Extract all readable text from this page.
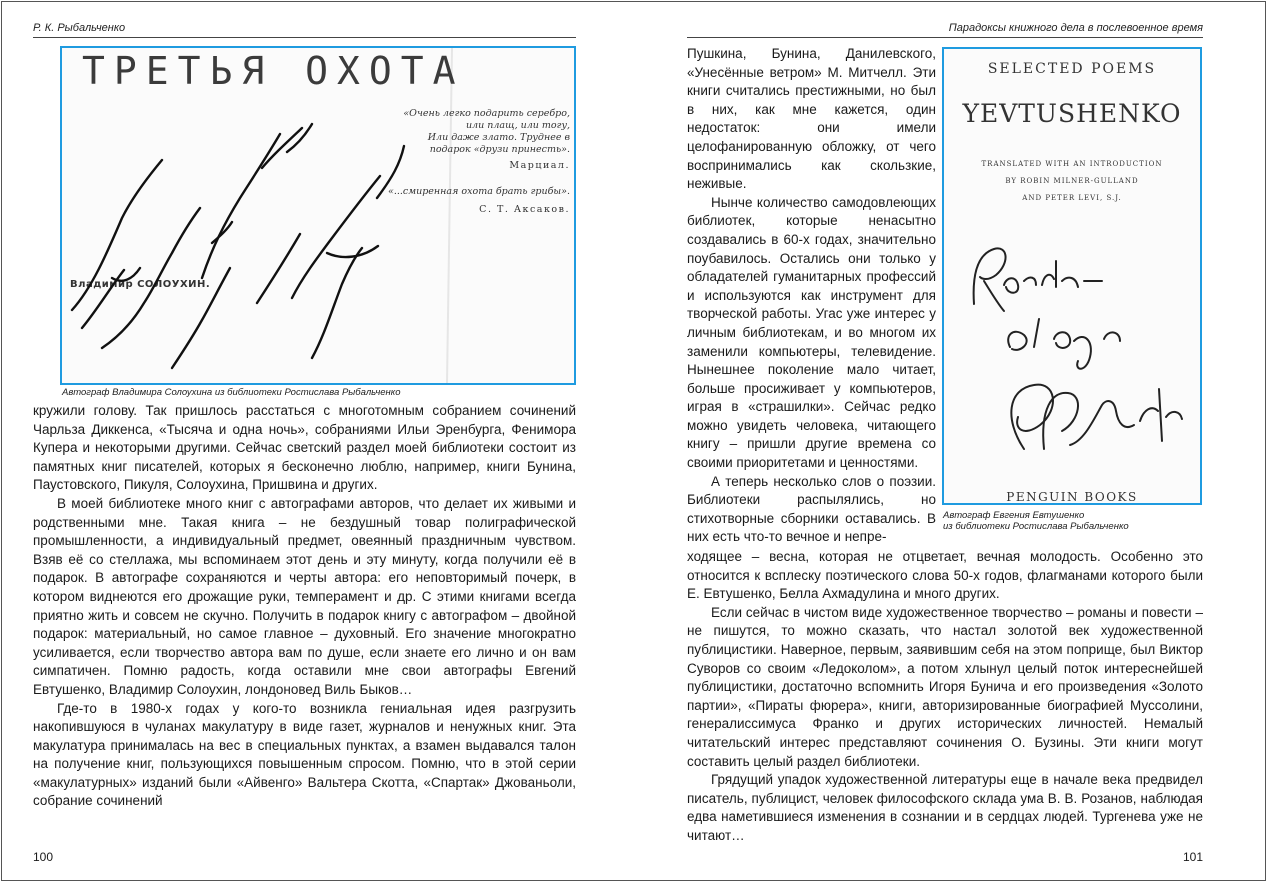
Р. К. Рыбальченко
ТРЕТЬЯ ОХОТА
«Очень легко подарить серебро,
или плащ, или тогу,
Или даже злато. Труднее в
подарок «друзи принесть».
Марциал.
«...смиренная охота брать грибы».
С. Т. Аксаков.
Владимир СОЛОУХИН.
Автограф Владимира Солоухина из библиотеки Ростислава Рыбальченко

кружили голову. Так пришлось расстаться с многотомным собранием сочинений Чарльза Диккенса, «Тысяча и одна ночь», собраниями Ильи Эренбурга, Фенимора Купера и некоторыми другими. Сейчас светский раздел моей библиотеки состоит из памятных книг писателей, которых я бесконечно люблю, например, книги Бунина, Паустовского, Пикуля, Солоухина, Пришвина и других.

В моей библиотеке много книг с автографами авторов, что делает их живыми и родственными мне. Такая книга – не бездушный товар полиграфической промышленности, а индивидуальный предмет, овеянный праздничным чувством. Взяв её со стеллажа, мы вспоминаем этот день и эту минуту, когда получили её в подарок. В автографе сохраняются и черты автора: его неповторимый почерк, в котором виднеются его дрожащие руки, темперамент и др. С этими книгами всегда приятно жить и совсем не скучно. Получить в подарок книгу с автографом – двойной подарок: материальный, но самое главное – духовный. Его значение многократно усиливается, если творчество автора вам по душе, если знаете его лично и он вам симпатичен. Помню радость, когда оставили мне свои автографы Евгений Евтушенко, Владимир Солоухин, лондоновед Виль Быков…

Где-то в 1980-х годах у кого-то возникла гениальная идея разгрузить накопившуюся в чуланах макулатуру в виде газет, журналов и ненужных книг. Эта макулатура принималась на вес в специальных пунктах, а взамен выдавался талон на получение книг, пользующихся повышенным спросом. Помню, что в этой серии «макулатурных» изданий были «Айвенго» Вальтера Скотта, «Спартак» Джованьоли, собрание сочинений

100
Парадоксы книжного дела в послевоенное время

Пушкина, Бунина, Данилевского, «Унесённые ветром» М. Митчелл. Эти книги считались престижными, но был в них, как мне кажется, один недостаток: они имели целофанированную обложку, от чего воспринимались как скользкие, неживые.

Нынче количество самодовлеющих библиотек, которые ненасытно создавались в 60-х годах, значительно поубавилось. Остались они только у обладателей гуманитарных профессий и используются как инструмент для творческой работы. Угас уже интерес у личным библиотекам, и во многом их заменили компьютеры, телевидение. Нынешнее поколение мало читает, больше просиживает у компьютеров, играя в «страшилки». Сейчас редко можно увидеть человека, читающего книгу – пришли другие времена со своими приоритетами и ценностями.

А теперь несколько слов о поэзии. Библиотеки распылялись, но стихотворные сборники оставались. В них есть что-то вечное и непре-

SELECTED POEMS
YEVTUSHENKO
TRANSLATED WITH AN INTRODUCTION
BY ROBIN MILNER-GULLAND
AND PETER LEVI, S.J.
PENGUIN BOOKS
Автограф Евгения Евтушенко
из библиотеки Ростислава Рыбальченко

ходящее – весна, которая не отцветает, вечная молодость. Особенно это относится к всплеску поэтического слова 50-х годов, флагманами которого были Е. Евтушенко, Белла Ахмадулина и много других.

Если сейчас в чистом виде художественное творчество – романы и повести – не пишутся, то можно сказать, что настал золотой век художественной публицистики. Наверное, первым, заявившим себя на этом поприще, был Виктор Суворов со своим «Ледоколом», а потом хлынул целый поток интереснейшей публицистики, достаточно вспомнить Игоря Бунича и его произведения «Золото партии», «Пираты фюрера», книги, авторизированные биографией Муссолини, генералиссимуса Франко и других исторических личностей. Немалый читательский интерес представляют сочинения О. Бузины. Эти книги могут составить целый раздел библиотеки.

Грядущий упадок художественной литературы еще в начале века предвидел писатель, публицист, человек философского склада ума В. В. Розанов, наблюдая едва наметившиеся изменения в сознании и в сердцах людей. Тургенева уже не читают…

101
